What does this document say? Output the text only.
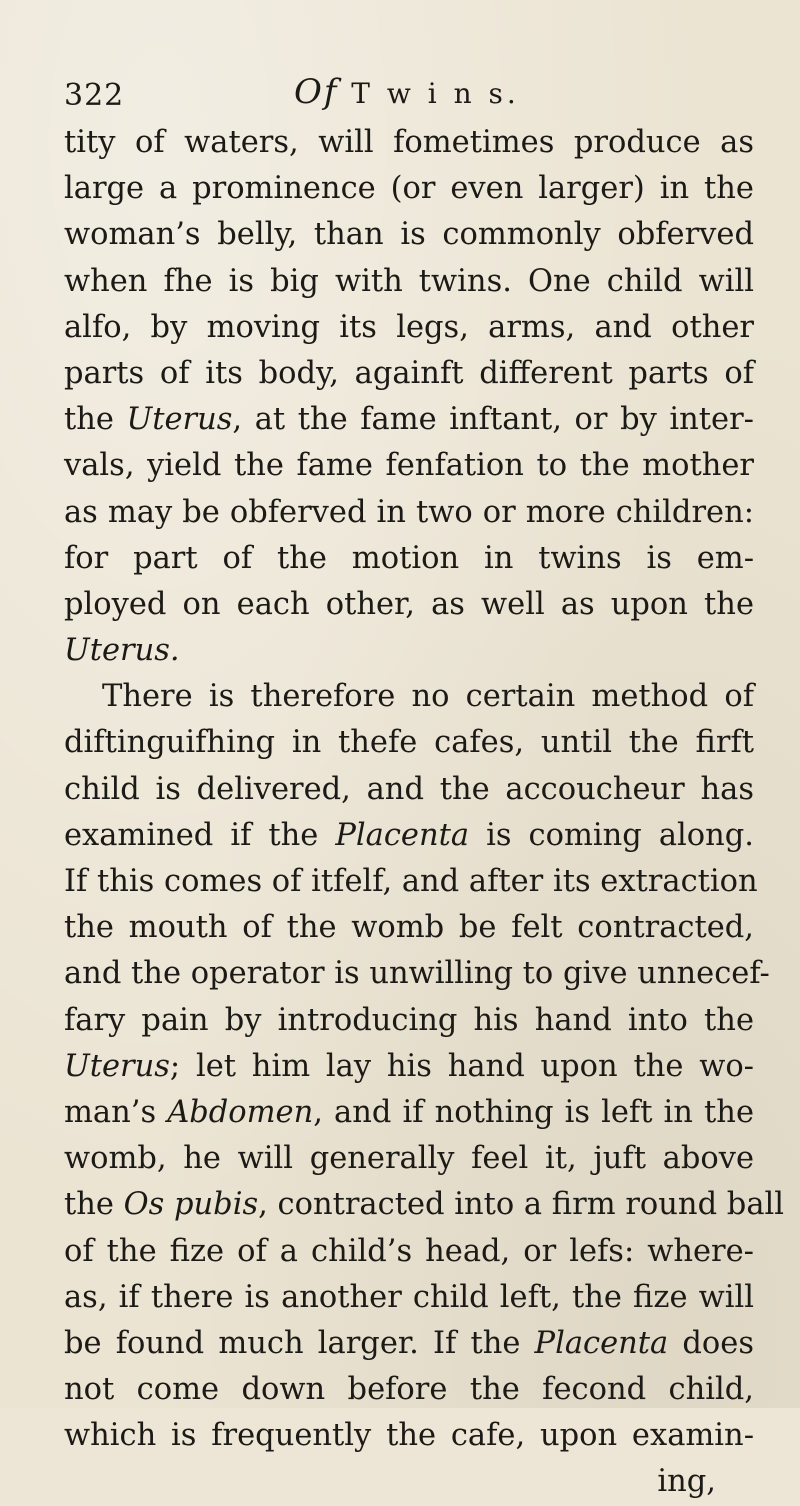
322	Of T w i n s.
tity of waters, will fometimes produce as
large a prominence (or even larger) in the
woman’s belly, than is commonly obferved
when fhe is big with twins. One child will
alfo, by moving its legs, arms, and other
parts of its body, againft different parts of
the Uterus, at the fame inftant, or by inter-
vals, yield the fame fenfation to the mother
as may be obferved in two or more children:
for part of the motion in twins is em-
ployed on each other, as well as upon the
Uterus.
There is therefore no certain method of
diftinguifhing in thefe cafes, until the firft
child is delivered, and the accoucheur has
examined if the Placenta is coming along.
If this comes of itfelf, and after its extraction
the mouth of the womb be felt contracted,
and the operator is unwilling to give unnecef-
fary pain by introducing his hand into the
Uterus; let him lay his hand upon the wo-
man’s Abdomen, and if nothing is left in the
womb, he will generally feel it, juft above
the Os pubis, contracted into a firm round ball
of the fize of a child’s head, or lefs: where-
as, if there is another child left, the fize will
be found much larger. If the Placenta does
not come down before the fecond child,
which is frequently the cafe, upon examin-
ing,
